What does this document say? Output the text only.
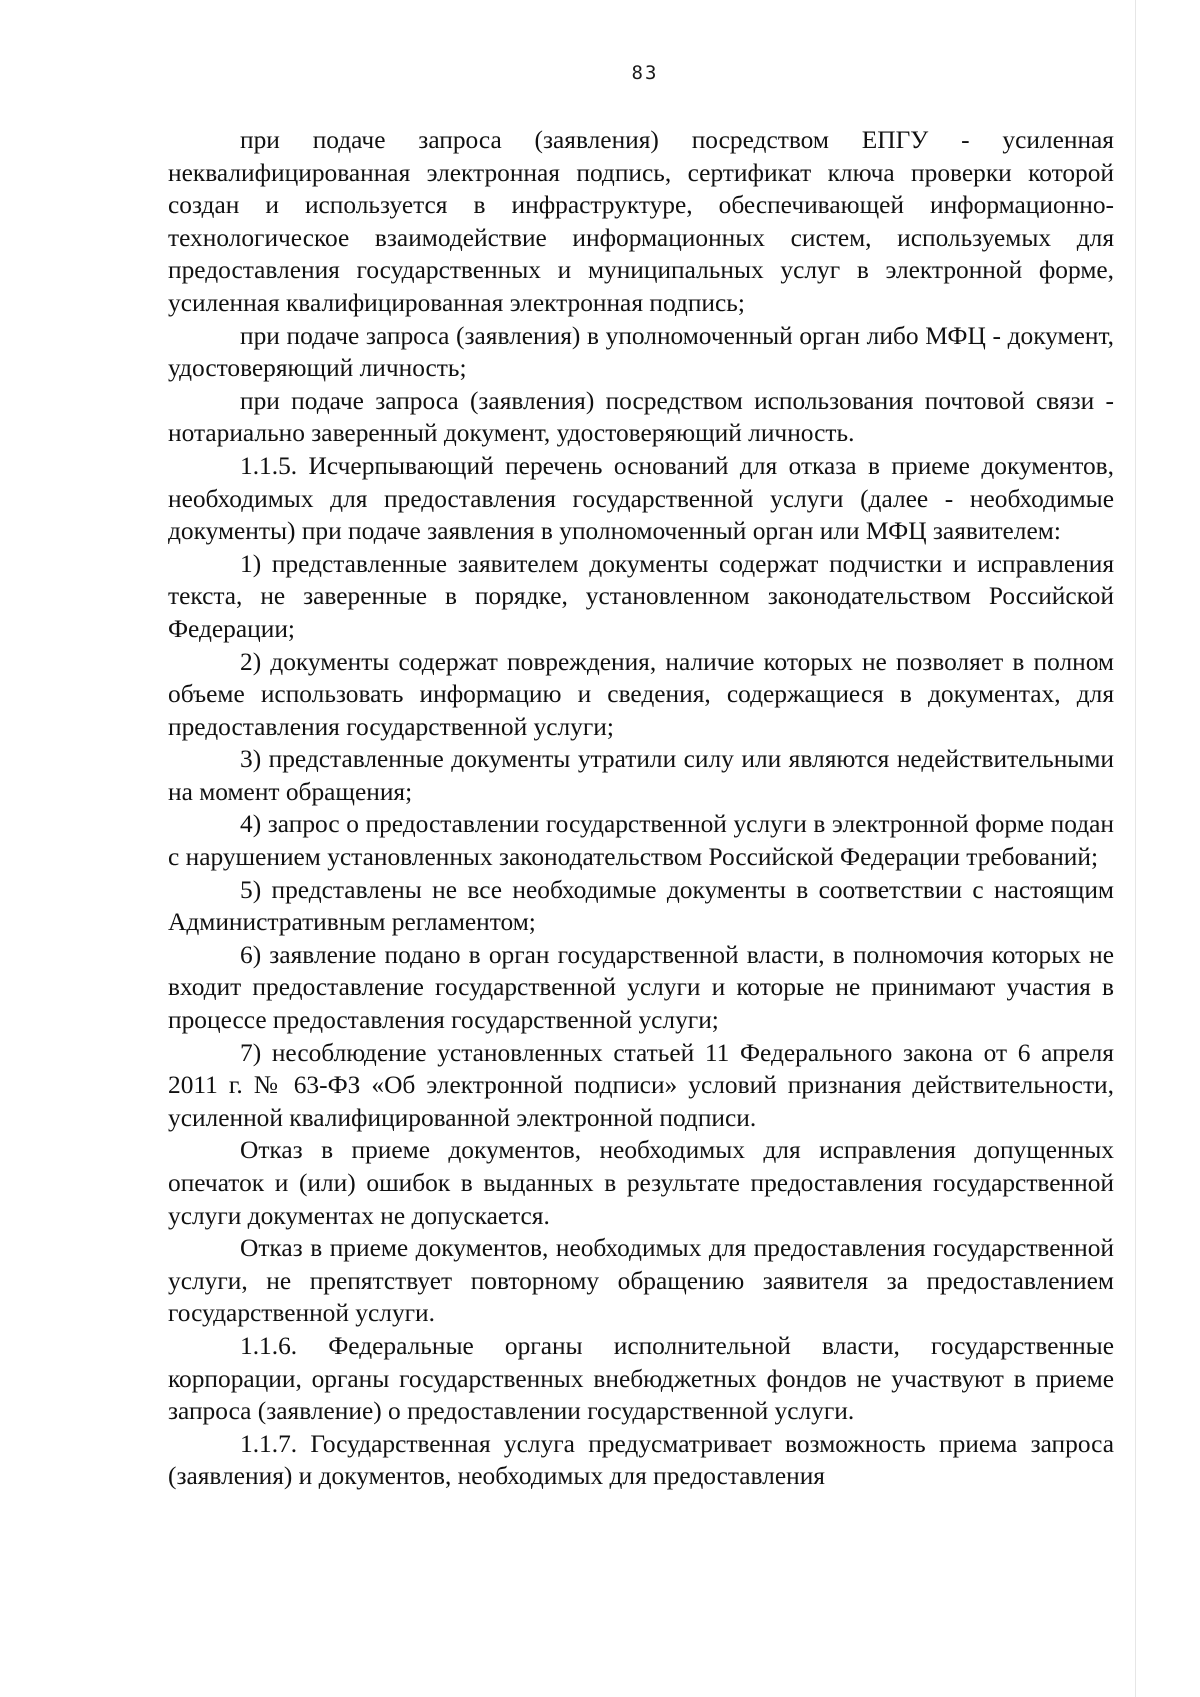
83

при подаче запроса (заявления) посредством ЕПГУ - усиленная неквалифицированная электронная подпись, сертификат ключа проверки которой создан и используется в инфраструктуре, обеспечивающей информационно-технологическое взаимодействие информационных систем, используемых для предоставления государственных и муниципальных услуг в электронной форме, усиленная квалифицированная электронная подпись;

при подаче запроса (заявления) в уполномоченный орган либо МФЦ - документ, удостоверяющий личность;

при подаче запроса (заявления) посредством использования почтовой связи - нотариально заверенный документ, удостоверяющий личность.

1.1.5. Исчерпывающий перечень оснований для отказа в приеме документов, необходимых для предоставления государственной услуги (далее - необходимые документы) при подаче заявления в уполномоченный орган или МФЦ заявителем:

1) представленные заявителем документы содержат подчистки и исправления текста, не заверенные в порядке, установленном законодательством Российской Федерации;

2) документы содержат повреждения, наличие которых не позволяет в полном объеме использовать информацию и сведения, содержащиеся в документах, для предоставления государственной услуги;

3) представленные документы утратили силу или являются недействительными на момент обращения;

4) запрос о предоставлении государственной услуги в электронной форме подан с нарушением установленных законодательством Российской Федерации требований;

5) представлены не все необходимые документы в соответствии с настоящим Административным регламентом;

6) заявление подано в орган государственной власти, в полномочия которых не входит предоставление государственной услуги и которые не принимают участия в процессе предоставления государственной услуги;

7) несоблюдение установленных статьей 11 Федерального закона от 6 апреля 2011 г. № 63-ФЗ «Об электронной подписи» условий признания действительности, усиленной квалифицированной электронной подписи.

Отказ в приеме документов, необходимых для исправления допущенных опечаток и (или) ошибок в выданных в результате предоставления государственной услуги документах не допускается.

Отказ в приеме документов, необходимых для предоставления государственной услуги, не препятствует повторному обращению заявителя за предоставлением государственной услуги.

1.1.6. Федеральные органы исполнительной власти, государственные корпорации, органы государственных внебюджетных фондов не участвуют в приеме запроса (заявление) о предоставлении государственной услуги.

1.1.7. Государственная услуга предусматривает возможность приема запроса (заявления) и документов, необходимых для предоставления
